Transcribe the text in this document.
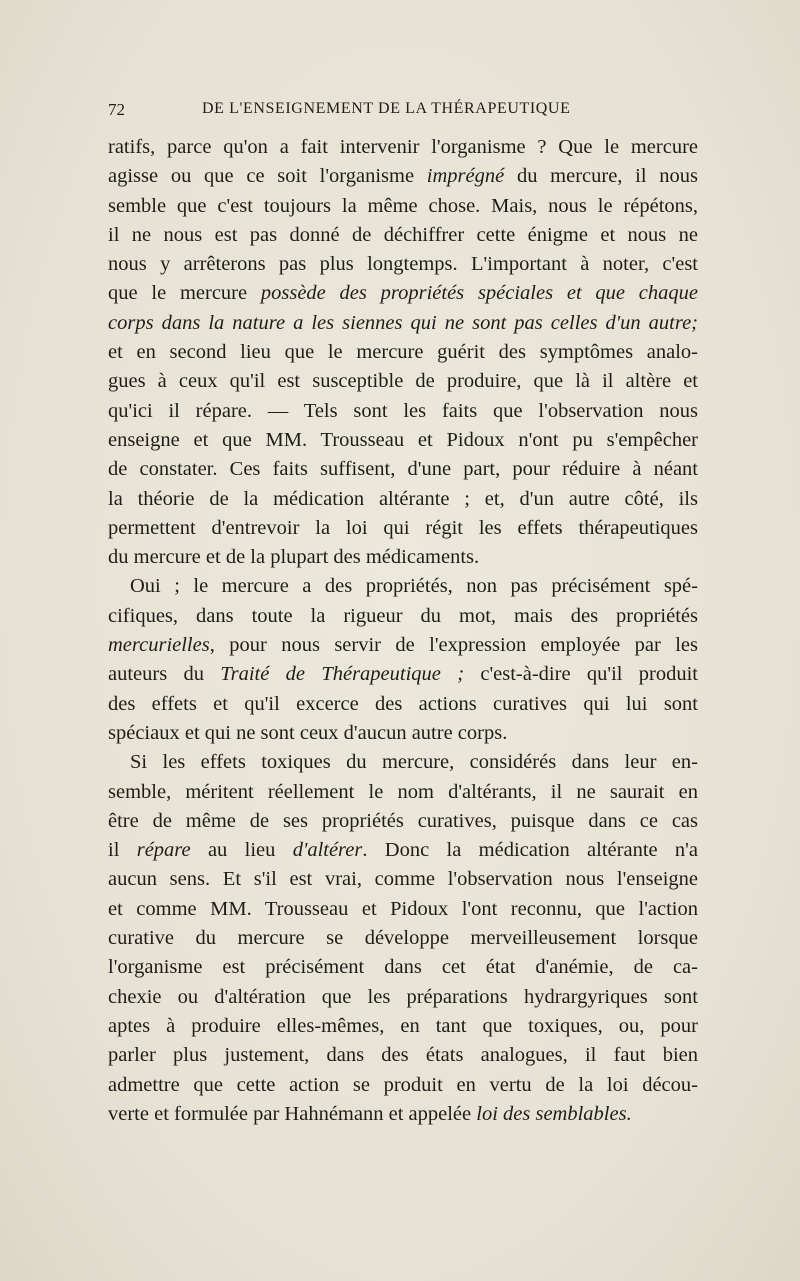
72	DE L'ENSEIGNEMENT DE LA THÉRAPEUTIQUE
ratifs, parce qu'on a fait intervenir l'organisme ? Que le mercure
agisse ou que ce soit l'organisme imprégné du mercure, il nous
semble que c'est toujours la même chose. Mais, nous le répétons,
il ne nous est pas donné de déchiffrer cette énigme et nous ne
nous y arrêterons pas plus longtemps. L'important à noter, c'est
que le mercure possède des propriétés spéciales et que chaque
corps dans la nature a les siennes qui ne sont pas celles d'un autre;
et en second lieu que le mercure guérit des symptômes analo-
gues à ceux qu'il est susceptible de produire, que là il altère et
qu'ici il répare. — Tels sont les faits que l'observation nous
enseigne et que MM. Trousseau et Pidoux n'ont pu s'empêcher
de constater. Ces faits suffisent, d'une part, pour réduire à néant
la théorie de la médication altérante ; et, d'un autre côté, ils
permettent d'entrevoir la loi qui régit les effets thérapeutiques
du mercure et de la plupart des médicaments.
Oui ; le mercure a des propriétés, non pas précisément spé-
cifiques, dans toute la rigueur du mot, mais des propriétés
mercurielles, pour nous servir de l'expression employée par les
auteurs du Traité de Thérapeutique ; c'est-à-dire qu'il produit
des effets et qu'il excerce des actions curatives qui lui sont
spéciaux et qui ne sont ceux d'aucun autre corps.
Si les effets toxiques du mercure, considérés dans leur en-
semble, méritent réellement le nom d'altérants, il ne saurait en
être de même de ses propriétés curatives, puisque dans ce cas
il répare au lieu d'altérer. Donc la médication altérante n'a
aucun sens. Et s'il est vrai, comme l'observation nous l'enseigne
et comme MM. Trousseau et Pidoux l'ont reconnu, que l'action
curative du mercure se développe merveilleusement lorsque
l'organisme est précisément dans cet état d'anémie, de ca-
chexie ou d'altération que les préparations hydrargyriques sont
aptes à produire elles-mêmes, en tant que toxiques, ou, pour
parler plus justement, dans des états analogues, il faut bien
admettre que cette action se produit en vertu de la loi décou-
verte et formulée par Hahnémann et appelée loi des semblables.
